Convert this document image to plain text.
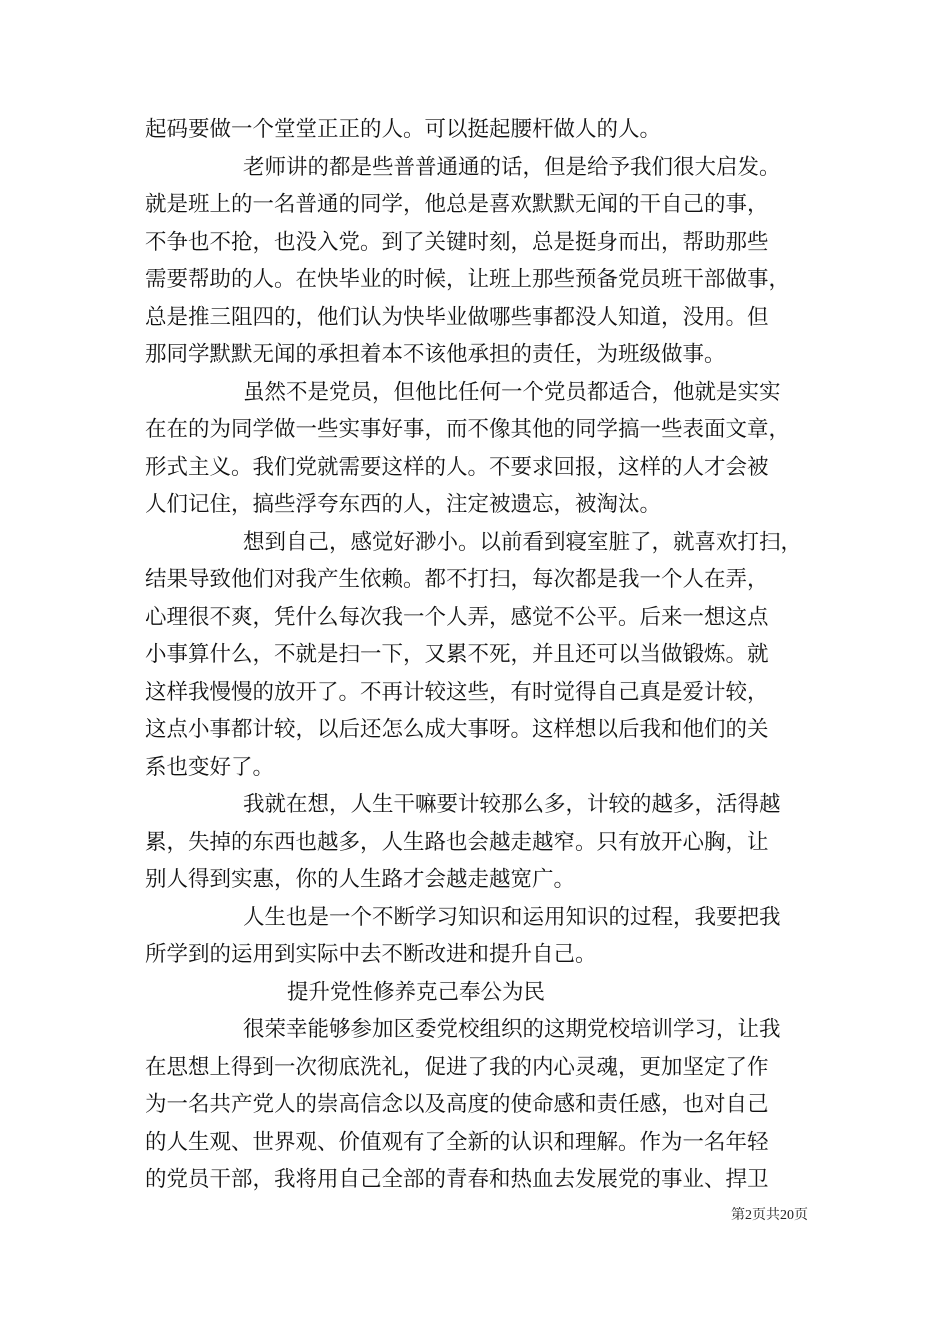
起码要做一个堂堂正正的人。可以挺起腰杆做人的人。
老师讲的都是些普普通通的话，但是给予我们很大启发。
就是班上的一名普通的同学，他总是喜欢默默无闻的干自己的事，
不争也不抢，也没入党。到了关键时刻，总是挺身而出，帮助那些
需要帮助的人。在快毕业的时候，让班上那些预备党员班干部做事，
总是推三阻四的，他们认为快毕业做哪些事都没人知道，没用。但
那同学默默无闻的承担着本不该他承担的责任，为班级做事。
虽然不是党员，但他比任何一个党员都适合，他就是实实
在在的为同学做一些实事好事，而不像其他的同学搞一些表面文章，
形式主义。我们党就需要这样的人。不要求回报，这样的人才会被
人们记住，搞些浮夸东西的人，注定被遗忘，被淘汰。
想到自己，感觉好渺小。以前看到寝室脏了，就喜欢打扫，
结果导致他们对我产生依赖。都不打扫，每次都是我一个人在弄，
心理很不爽，凭什么每次我一个人弄，感觉不公平。后来一想这点
小事算什么，不就是扫一下，又累不死，并且还可以当做锻炼。就
这样我慢慢的放开了。不再计较这些，有时觉得自己真是爱计较，
这点小事都计较，以后还怎么成大事呀。这样想以后我和他们的关
系也变好了。
我就在想，人生干嘛要计较那么多，计较的越多，活得越
累，失掉的东西也越多，人生路也会越走越窄。只有放开心胸，让
别人得到实惠，你的人生路才会越走越宽广。
人生也是一个不断学习知识和运用知识的过程，我要把我
所学到的运用到实际中去不断改进和提升自己。
提升党性修养克己奉公为民
很荣幸能够参加区委党校组织的这期党校培训学习，让我
在思想上得到一次彻底洗礼，促进了我的内心灵魂，更加坚定了作
为一名共产党人的崇高信念以及高度的使命感和责任感，也对自己
的人生观、世界观、价值观有了全新的认识和理解。作为一名年轻
的党员干部，我将用自己全部的青春和热血去发展党的事业、捍卫
第2页共20页
